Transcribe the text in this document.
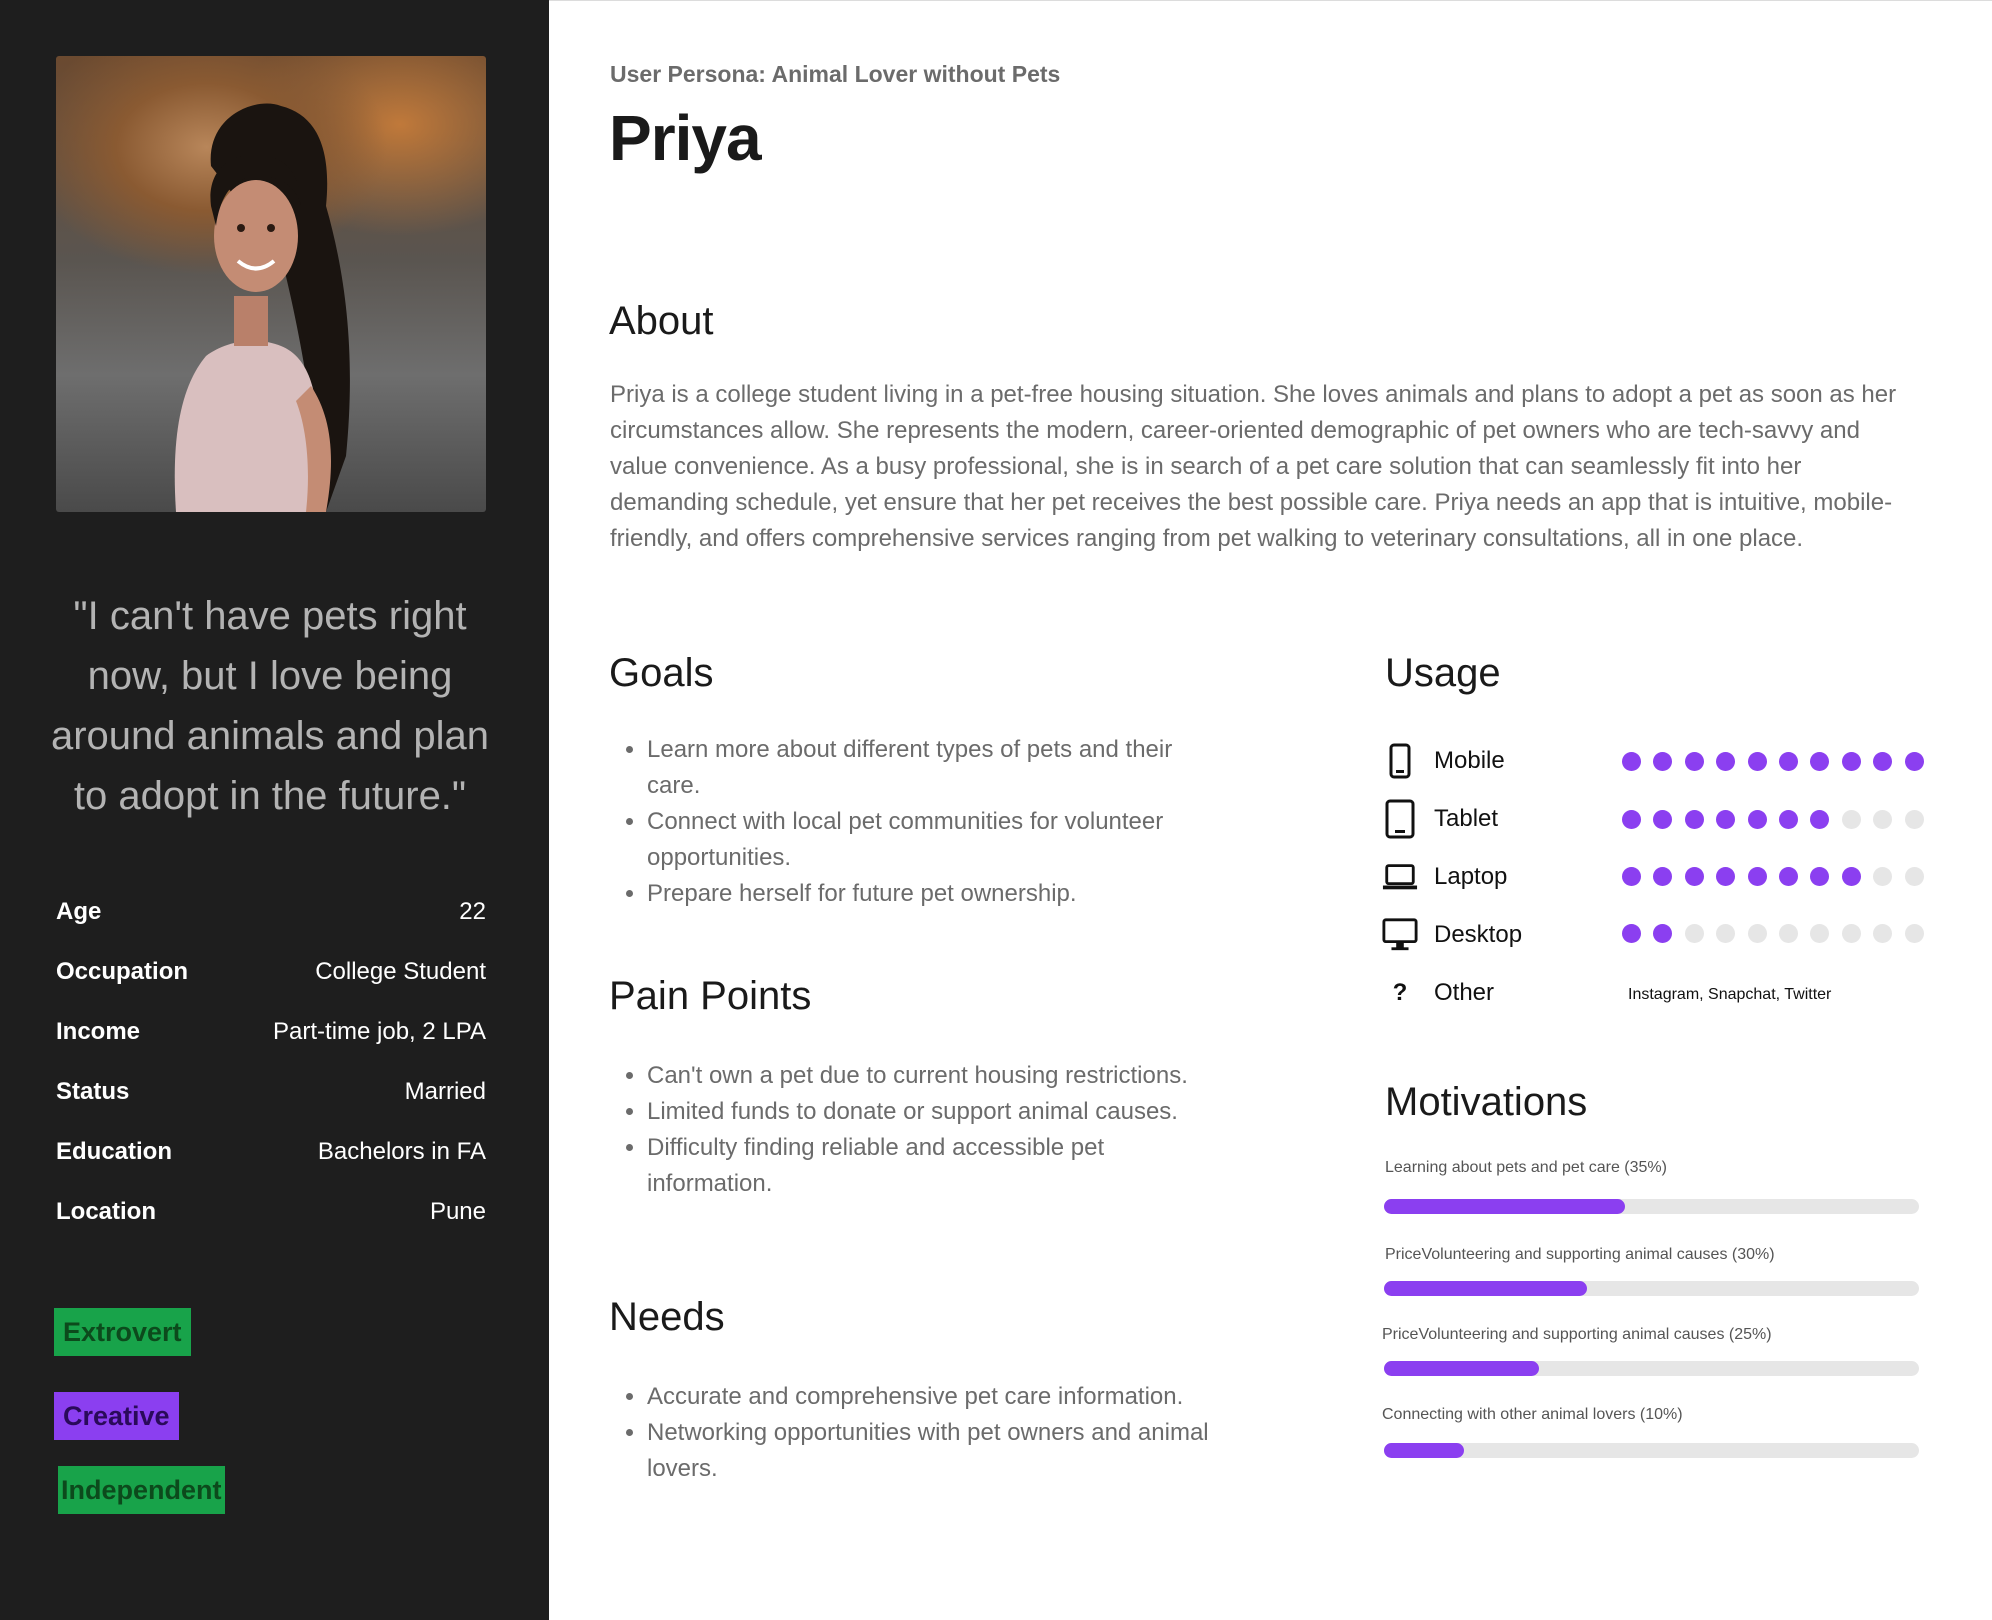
"I can't have pets right now, but I love being around animals and plan to adopt in the future."
Age	22
Occupation	College Student
Income	Part-time job, 2 LPA
Status	Married
Education	Bachelors in FA
Location	Pune
Extrovert
Creative
Independent
User Persona: Animal Lover without Pets
Priya
About
Priya is a college student living in a pet-free housing situation. She loves animals and plans to adopt a pet as soon as her circumstances allow. She represents the modern, career-oriented demographic of pet owners who are tech-savvy and value convenience. As a busy professional, she is in search of a pet care solution that can seamlessly fit into her demanding schedule, yet ensure that her pet receives the best possible care. Priya needs an app that is intuitive, mobile-friendly, and offers comprehensive services ranging from pet walking to veterinary consultations, all in one place.
Goals
• Learn more about different types of pets and their care.
• Connect with local pet communities for volunteer opportunities.
• Prepare herself for future pet ownership.
Pain Points
• Can't own a pet due to current housing restrictions.
• Limited funds to donate or support animal causes.
• Difficulty finding reliable and accessible pet information.
Needs
• Accurate and comprehensive pet care information.
• Networking opportunities with pet owners and animal lovers.
Usage
Mobile
Tablet
Laptop
Desktop
?	Other	Instagram, Snapchat, Twitter
Motivations
Learning about pets and pet care (35%)
PriceVolunteering and supporting animal causes (30%)
PriceVolunteering and supporting animal causes (25%)
Connecting with other animal lovers (10%)
